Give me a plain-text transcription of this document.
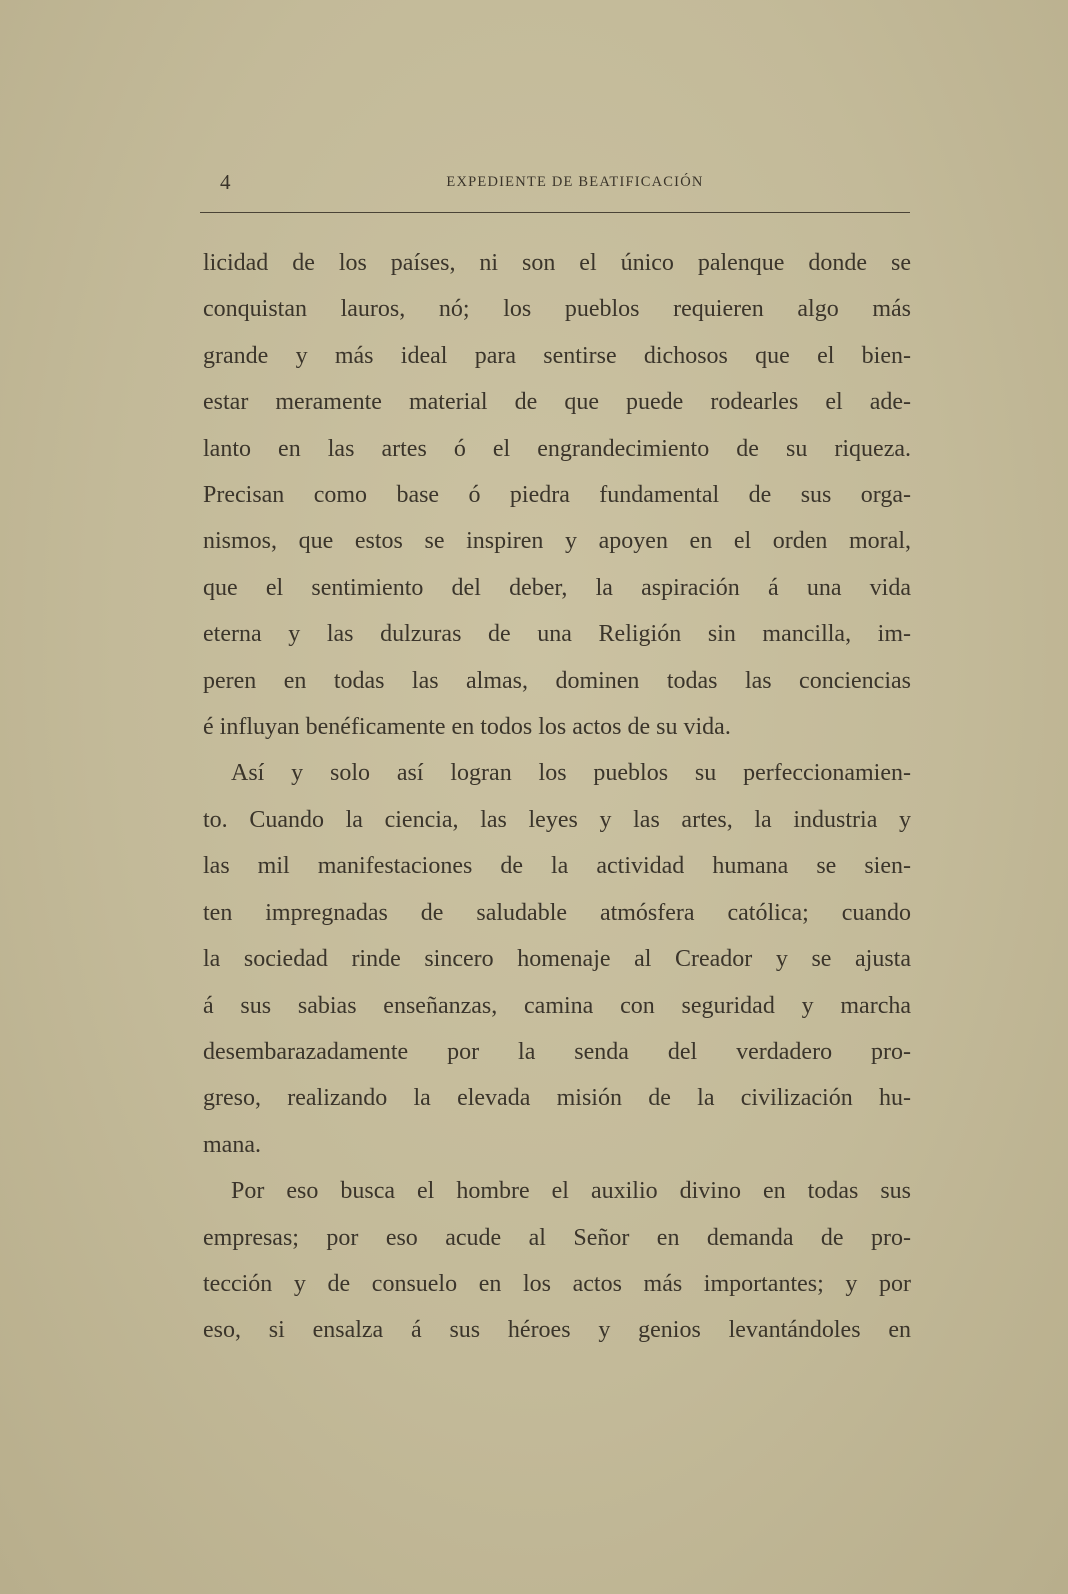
4	EXPEDIENTE DE BEATIFICACIÓN

licidad de los países, ni son el único palenque donde se

conquistan lauros, nó; los pueblos requieren algo más

grande y más ideal para sentirse dichosos que el bien-

estar meramente material de que puede rodearles el ade-

lanto en las artes ó el engrandecimiento de su riqueza.

Precisan como base ó piedra fundamental de sus orga-

nismos, que estos se inspiren y apoyen en el orden moral,

que el sentimiento del deber, la aspiración á una vida

eterna y las dulzuras de una Religión sin mancilla, im-

peren en todas las almas, dominen todas las conciencias

é influyan benéficamente en todos los actos de su vida.

Así y solo así logran los pueblos su perfeccionamien-

to. Cuando la ciencia, las leyes y las artes, la industria y

las mil manifestaciones de la actividad humana se sien-

ten impregnadas de saludable atmósfera católica; cuando

la sociedad rinde sincero homenaje al Creador y se ajusta

á sus sabias enseñanzas, camina con seguridad y marcha

desembarazadamente por la senda del verdadero pro-

greso, realizando la elevada misión de la civilización hu-

mana.

Por eso busca el hombre el auxilio divino en todas sus

empresas; por eso acude al Señor en demanda de pro-

tección y de consuelo en los actos más importantes; y por

eso, si ensalza á sus héroes y genios levantándoles en
